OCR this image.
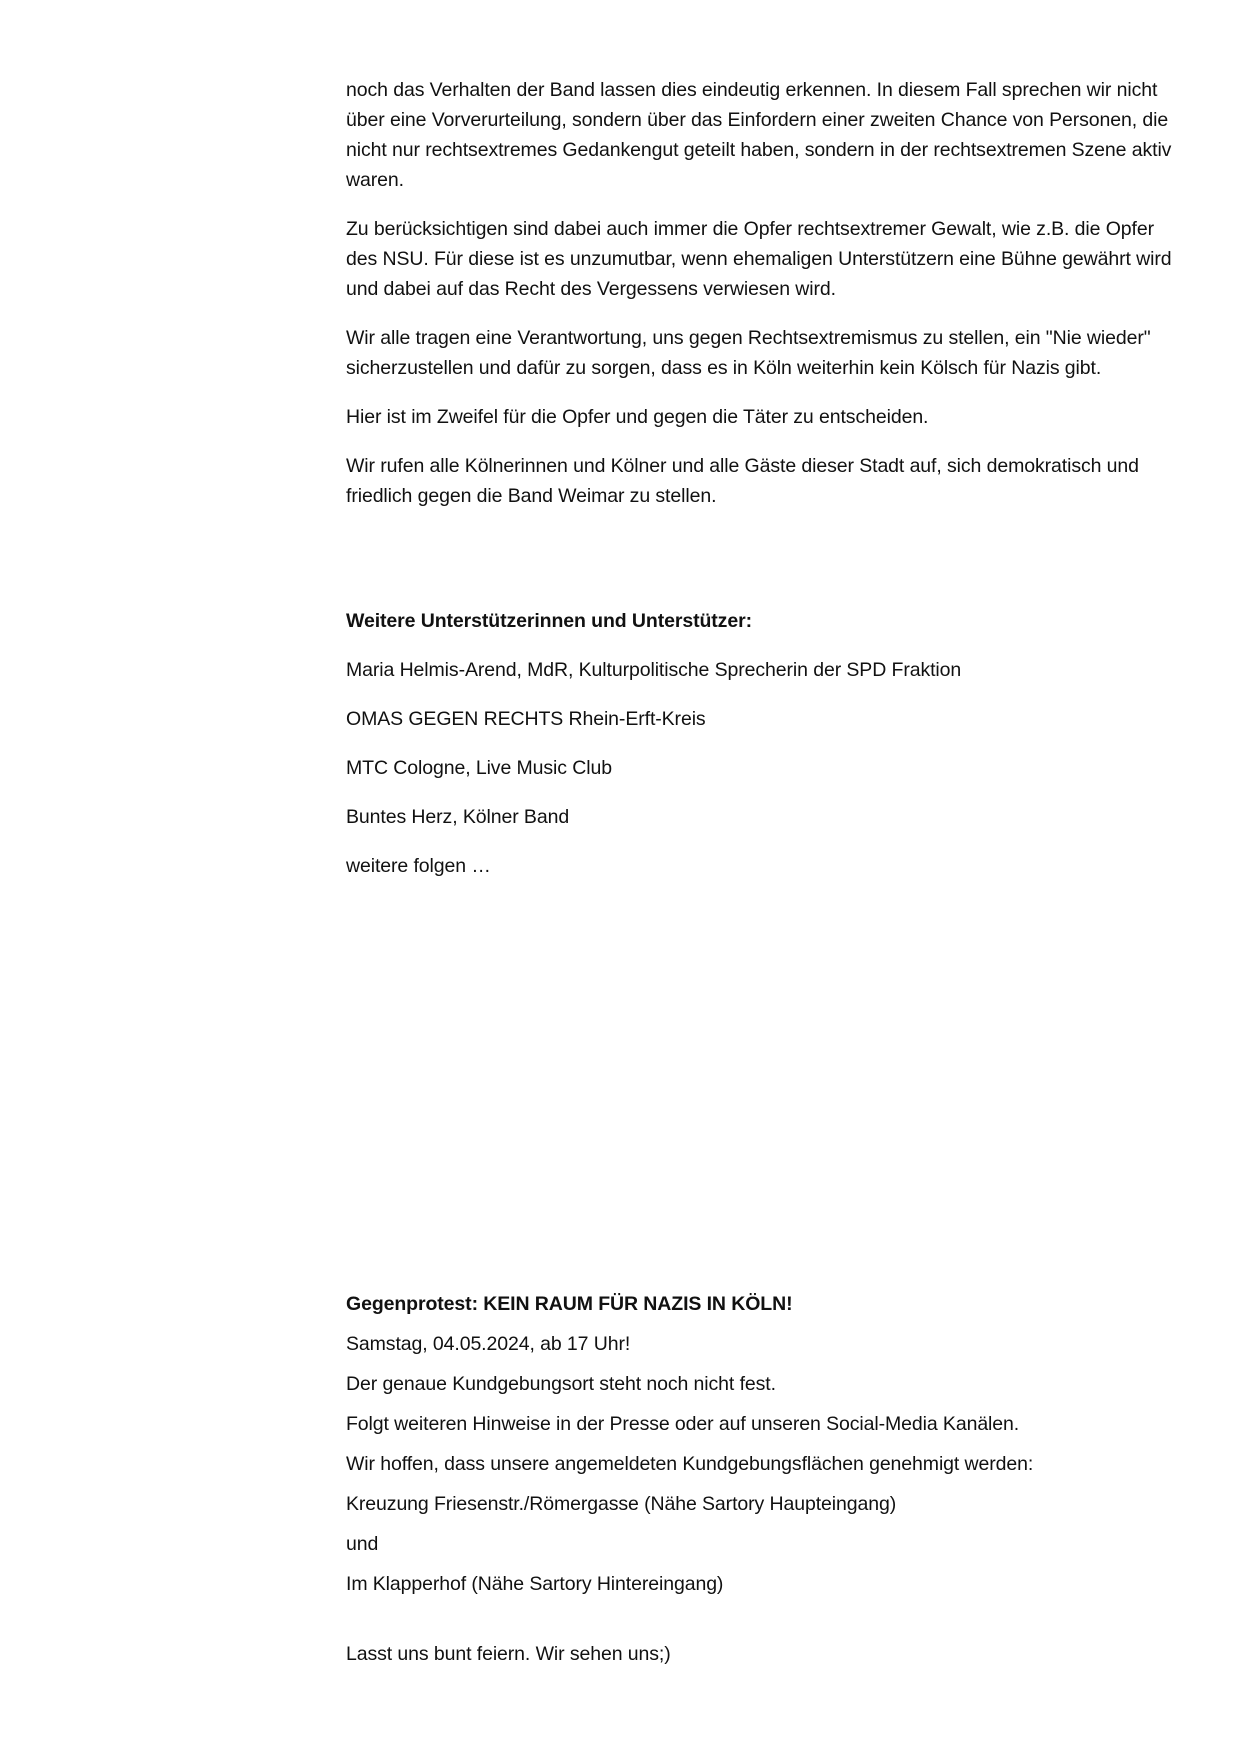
noch das Verhalten der Band lassen dies eindeutig erkennen. In diesem Fall sprechen wir nicht über eine Vorverurteilung, sondern über das Einfordern einer zweiten Chance von Personen, die nicht nur rechtsextremes Gedankengut geteilt haben, sondern in der rechtsextremen Szene aktiv waren.

Zu berücksichtigen sind dabei auch immer die Opfer rechtsextremer Gewalt, wie z.B. die Opfer des NSU. Für diese ist es unzumutbar, wenn ehemaligen Unterstützern eine Bühne gewährt wird und dabei auf das Recht des Vergessens verwiesen wird.

Wir alle tragen eine Verantwortung, uns gegen Rechtsextremismus zu stellen, ein "Nie wieder" sicherzustellen und dafür zu sorgen, dass es in Köln weiterhin kein Kölsch für Nazis gibt.

Hier ist im Zweifel für die Opfer und gegen die Täter zu entscheiden.

Wir rufen alle Kölnerinnen und Kölner und alle Gäste dieser Stadt auf, sich demokratisch und friedlich gegen die Band Weimar zu stellen.

Weitere Unterstützerinnen und Unterstützer:

Maria Helmis-Arend, MdR, Kulturpolitische Sprecherin der SPD Fraktion

OMAS GEGEN RECHTS Rhein-Erft-Kreis

MTC Cologne, Live Music Club

Buntes Herz, Kölner Band

weitere folgen …

Gegenprotest: KEIN RAUM FÜR NAZIS IN KÖLN!

Samstag, 04.05.2024, ab 17 Uhr!

Der genaue Kundgebungsort steht noch nicht fest.

Folgt weiteren Hinweise in der Presse oder auf unseren Social-Media Kanälen.

Wir hoffen, dass unsere angemeldeten Kundgebungsflächen genehmigt werden:

Kreuzung Friesenstr./Römergasse (Nähe Sartory Haupteingang)

und

Im Klapperhof (Nähe Sartory Hintereingang)

Lasst uns bunt feiern. Wir sehen uns;)
